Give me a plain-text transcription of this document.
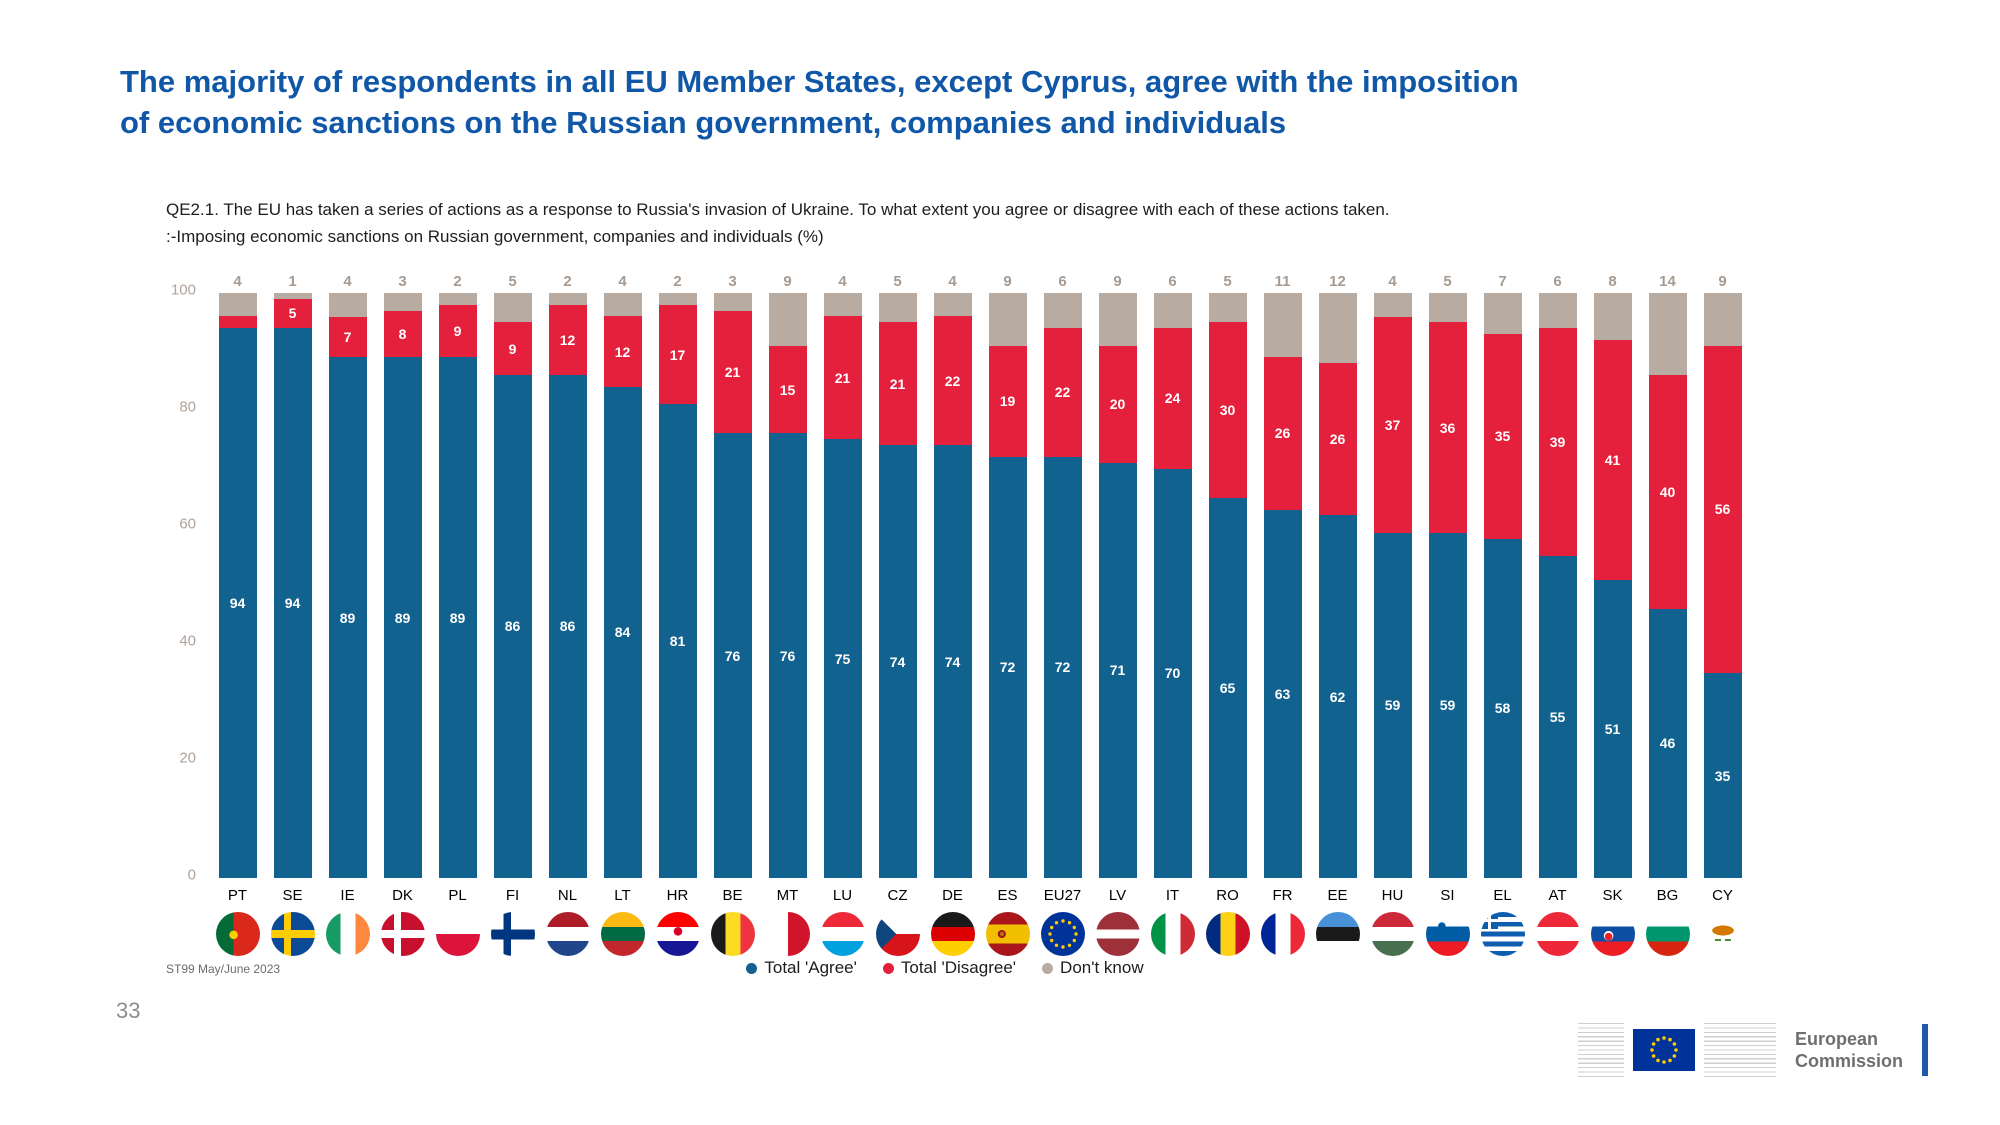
The majority of respondents in all EU Member States, except Cyprus, agree with the imposition
of economic sanctions on the Russian government, companies and individuals
QE2.1. The EU has taken a series of actions as a response to Russia's invasion of Ukraine. To what extent you agree or disagree with each of these actions taken.
:-Imposing economic sanctions on Russian government, companies and individuals (%)
0
20
40
60
80
100 4
94
PT
1
5
94
SE
4
7
89
IE
3
8
89
DK
2
9
89
PL
5
9
86
FI
2
12
86
NL
4
12
84
LT
2
17
81
HR
3
21
76
BE
9
15
76
MT
4
21
75
LU
5
21
74
CZ
4
22
74
DE
9
19
72
ES
6
22
72
EU27
9
20
71
LV
6
24
70
IT
5
30
65
RO
11
26
63
FR
12
26
62
EE
4
37
59
HU
5
36
59
SI
7
35
58
EL
6
39
55
AT
8
41
51
SK
14
40
46
BG
9
56
35
CY
Total 'Agree'	Total 'Disagree'	Don't know
ST99 May/June 2023
33
European
Commission
